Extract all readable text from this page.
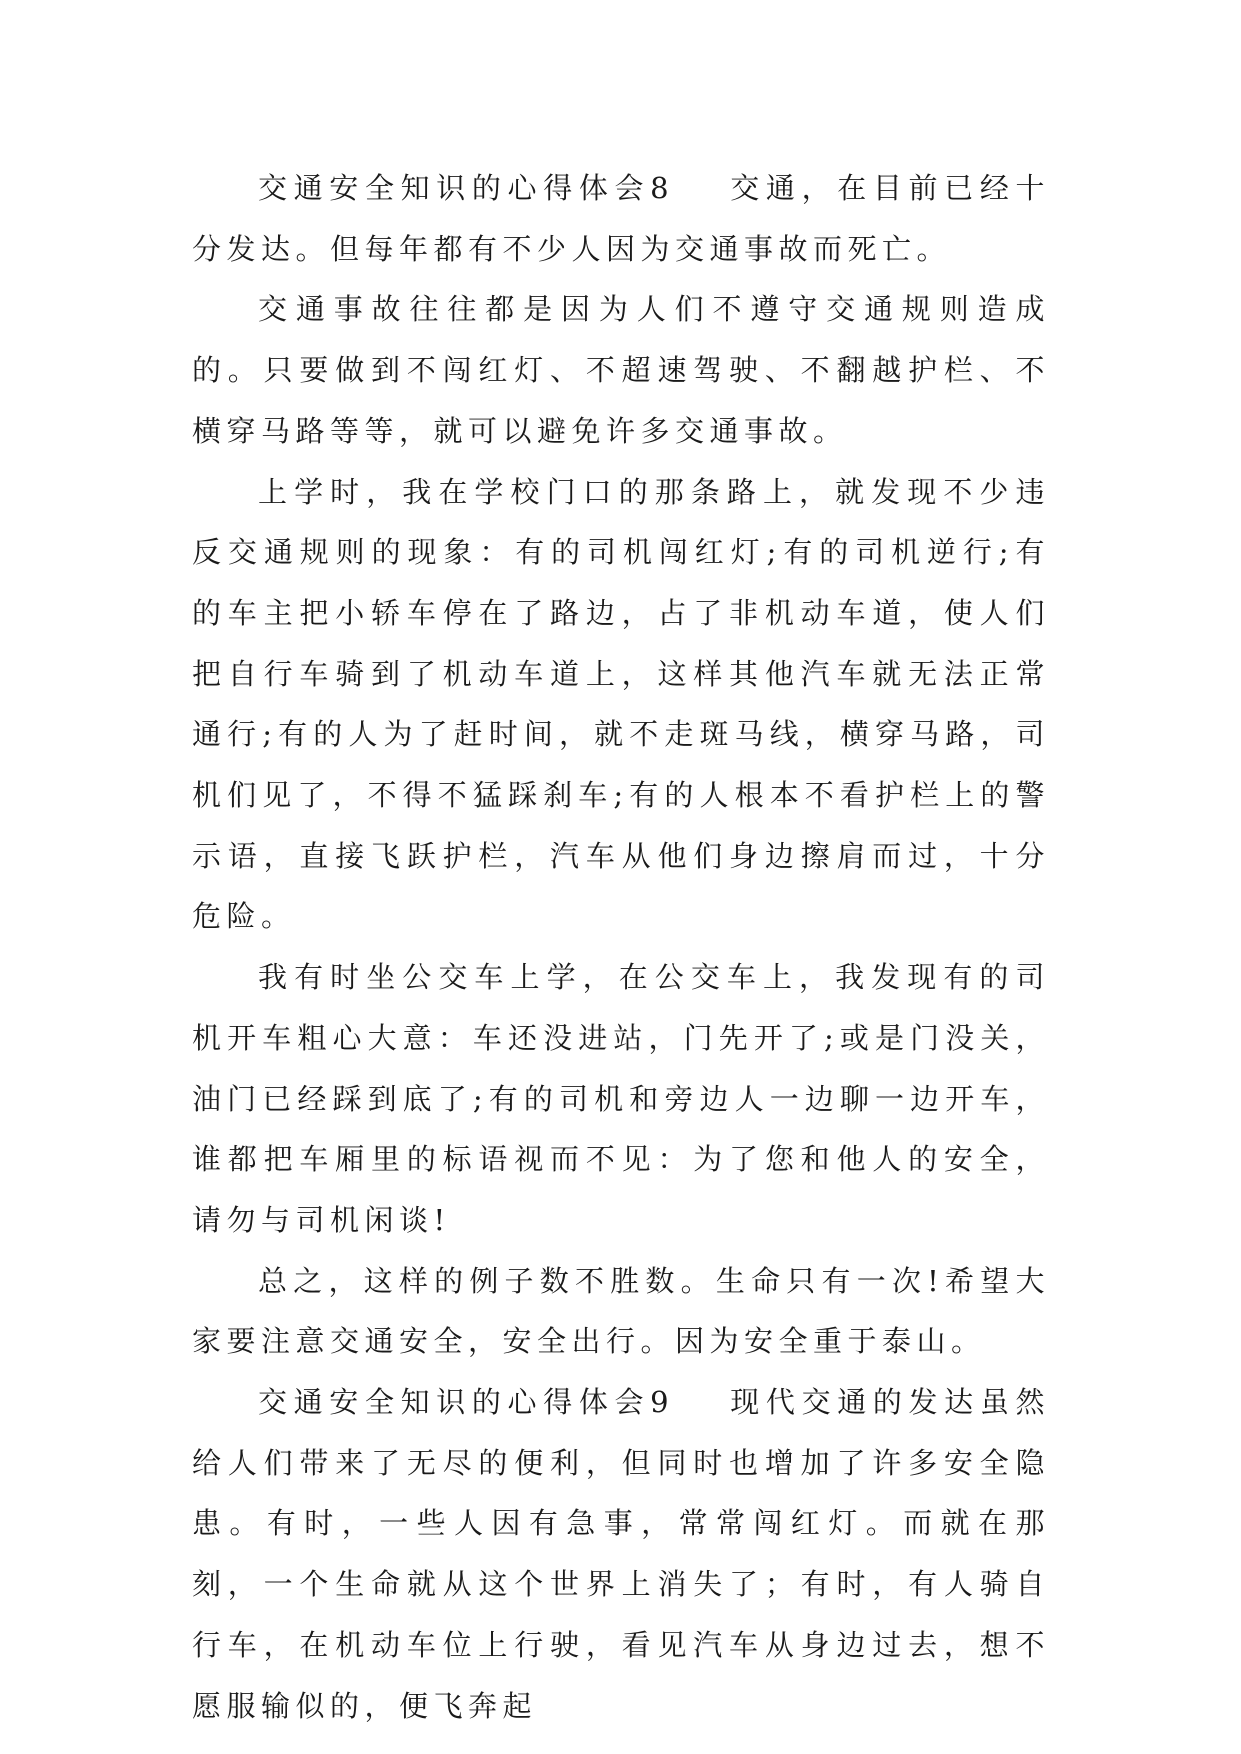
交通安全知识的心得体会8 交通，在目前已经十分发达。但每年都有不少人因为交通事故而死亡。

交通事故往往都是因为人们不遵守交通规则造成的。只要做到不闯红灯、不超速驾驶、不翻越护栏、不横穿马路等等，就可以避免许多交通事故。

上学时，我在学校门口的那条路上，就发现不少违反交通规则的现象：有的司机闯红灯;有的司机逆行;有的车主把小轿车停在了路边，占了非机动车道，使人们把自行车骑到了机动车道上，这样其他汽车就无法正常通行;有的人为了赶时间，就不走斑马线，横穿马路，司机们见了，不得不猛踩刹车;有的人根本不看护栏上的警示语，直接飞跃护栏，汽车从他们身边擦肩而过，十分危险。

我有时坐公交车上学，在公交车上，我发现有的司机开车粗心大意：车还没进站，门先开了;或是门没关，油门已经踩到底了;有的司机和旁边人一边聊一边开车，谁都把车厢里的标语视而不见：为了您和他人的安全，请勿与司机闲谈!

总之，这样的例子数不胜数。生命只有一次!希望大家要注意交通安全，安全出行。因为安全重于泰山。

交通安全知识的心得体会9 现代交通的发达虽然给人们带来了无尽的便利，但同时也增加了许多安全隐患。有时，一些人因有急事，常常闯红灯。而就在那刻，一个生命就从这个世界上消失了；有时，有人骑自行车，在机动车位上行驶，看见汽车从身边过去，想不愿服输似的，便飞奔起
